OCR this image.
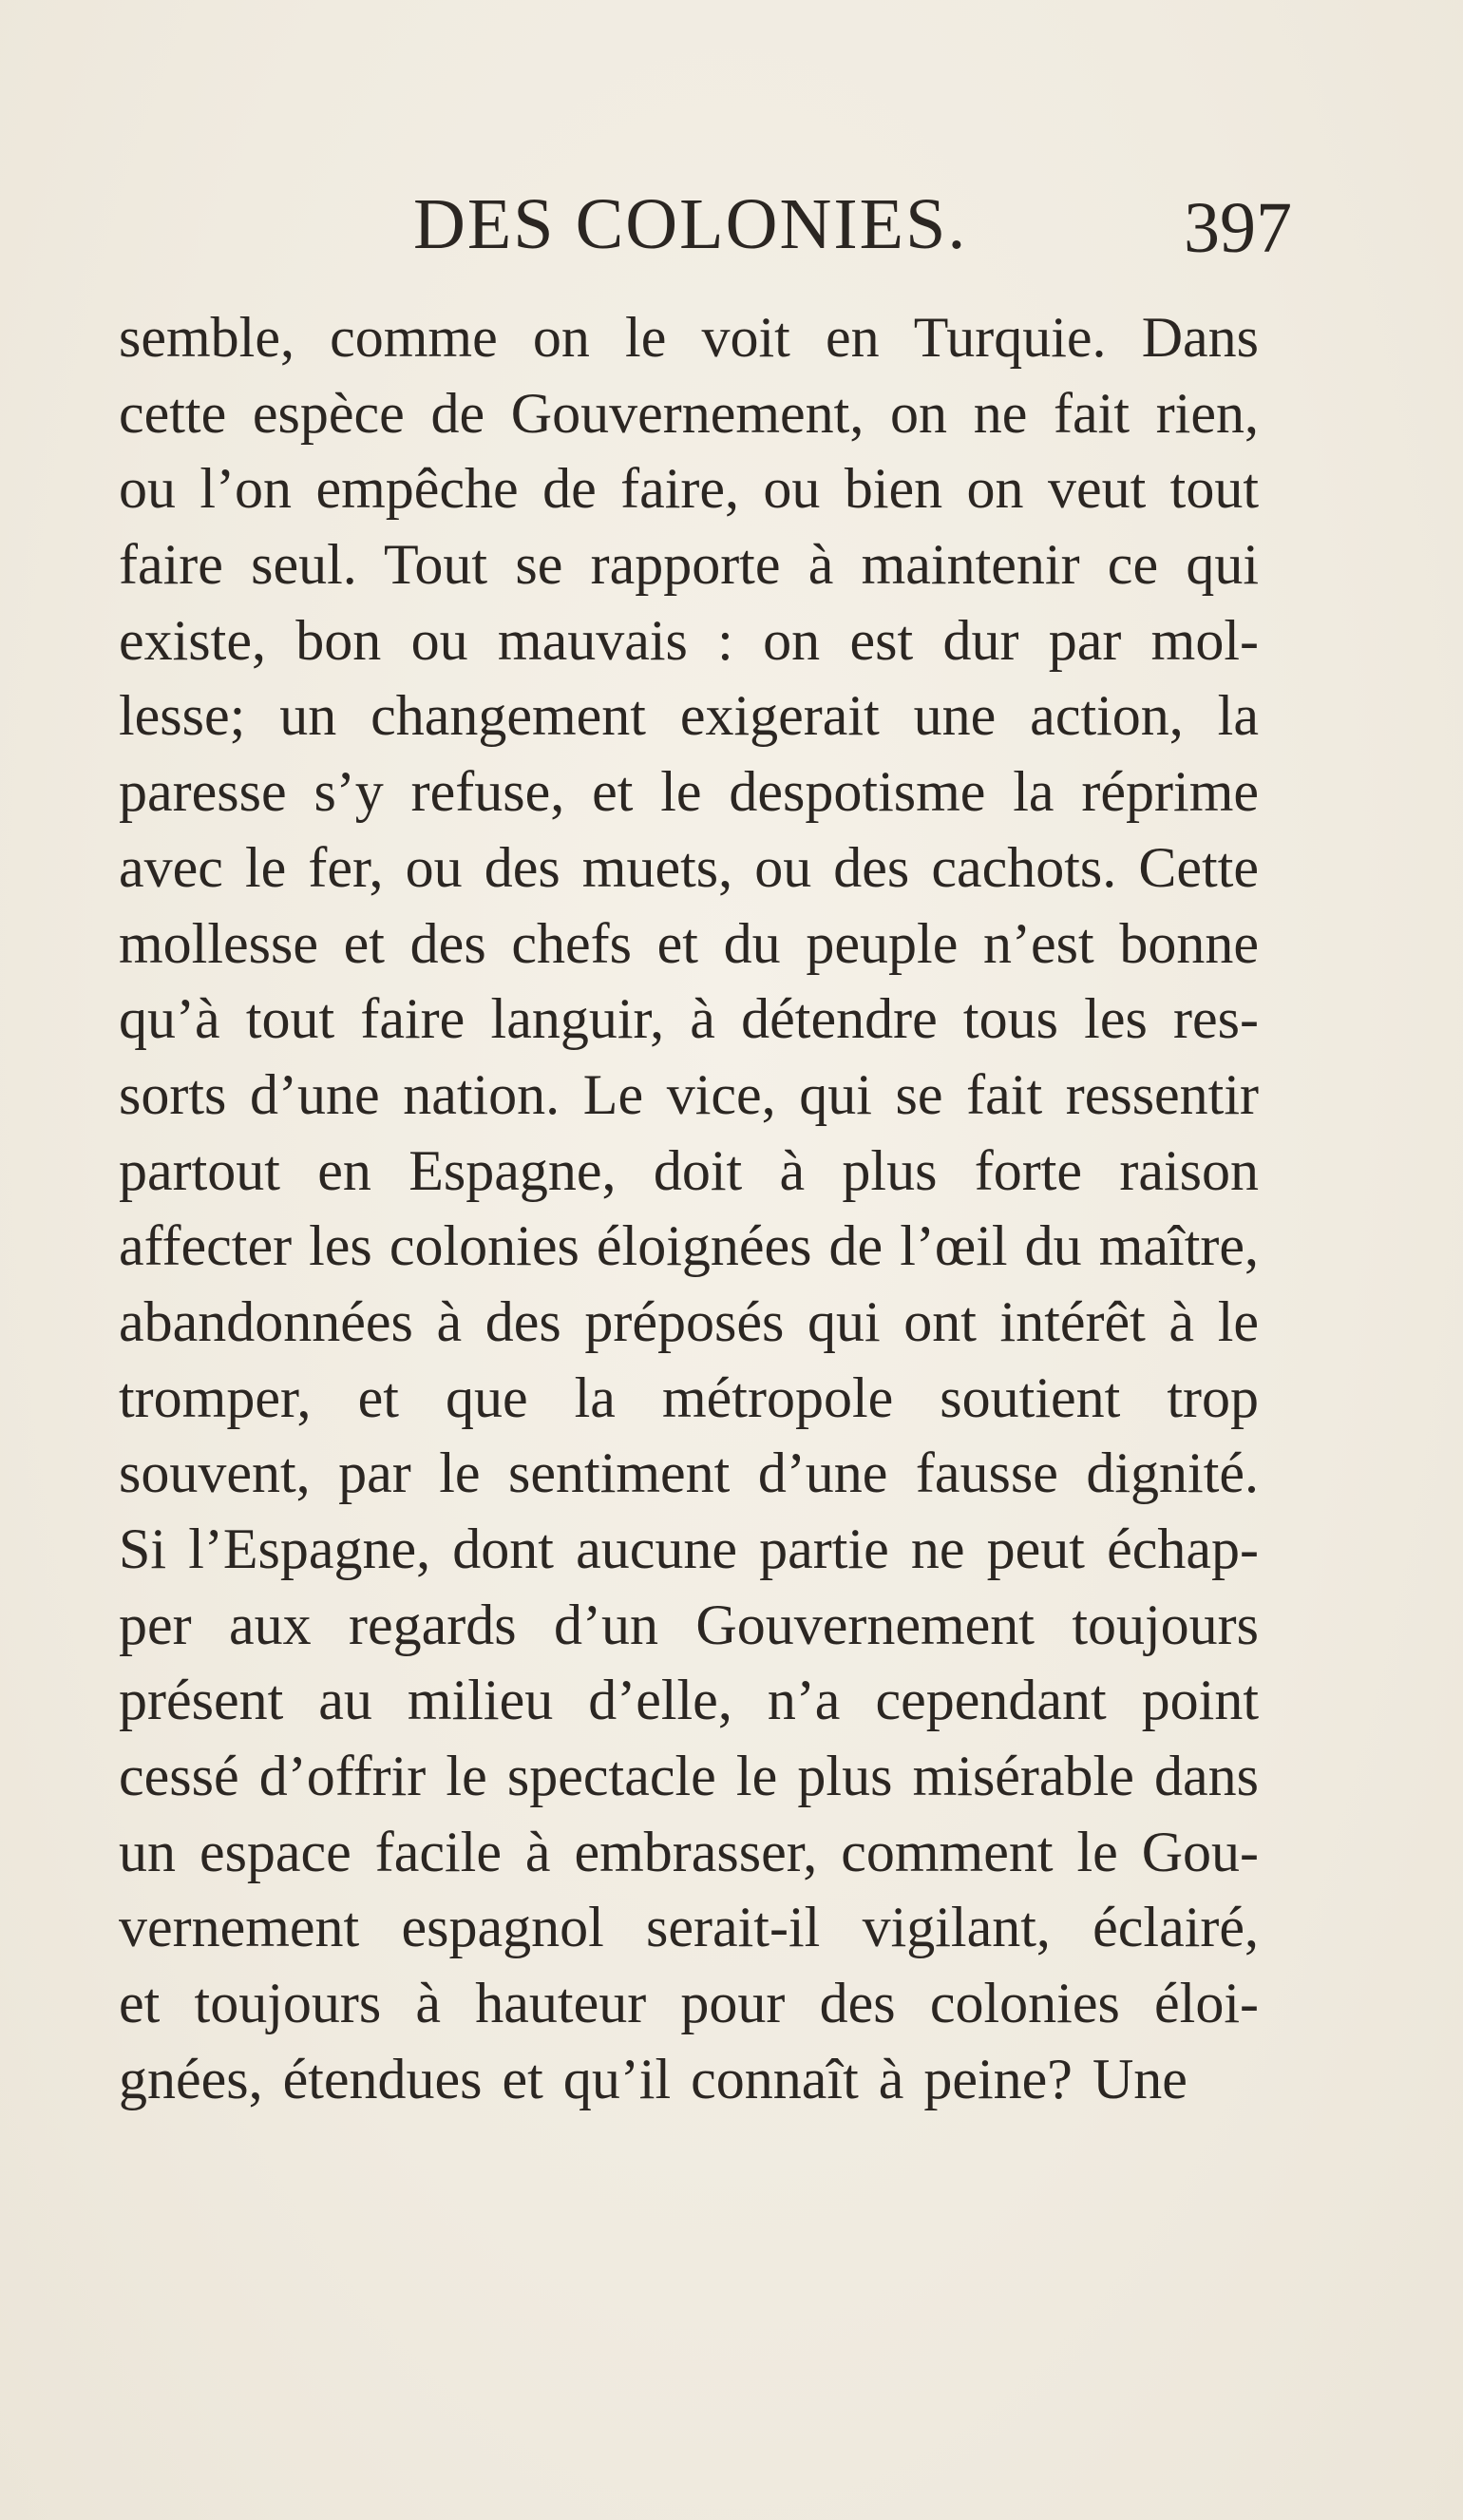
DES COLONIES.	397
semble, comme on le voit en Turquie. Dans
cette espèce de Gouvernement, on ne fait rien,
ou l’on empêche de faire, ou bien on veut tout
faire seul. Tout se rapporte à maintenir ce qui
existe, bon ou mauvais : on est dur par mol-
lesse; un changement exigerait une action, la
paresse s’y refuse, et le despotisme la réprime
avec le fer, ou des muets, ou des cachots. Cette
mollesse et des chefs et du peuple n’est bonne
qu’à tout faire languir, à détendre tous les res-
sorts d’une nation. Le vice, qui se fait ressentir
partout en Espagne, doit à plus forte raison
affecter les colonies éloignées de l’œil du maître,
abandonnées à des préposés qui ont intérêt à le
tromper, et que la métropole soutient trop
souvent, par le sentiment d’une fausse dignité.
Si l’Espagne, dont aucune partie ne peut échap-
per aux regards d’un Gouvernement toujours
présent au milieu d’elle, n’a cependant point
cessé d’offrir le spectacle le plus misérable dans
un espace facile à embrasser, comment le Gou-
vernement espagnol serait-il vigilant, éclairé,
et toujours à hauteur pour des colonies éloi-
gnées, étendues et qu’il connaît à peine? Une
